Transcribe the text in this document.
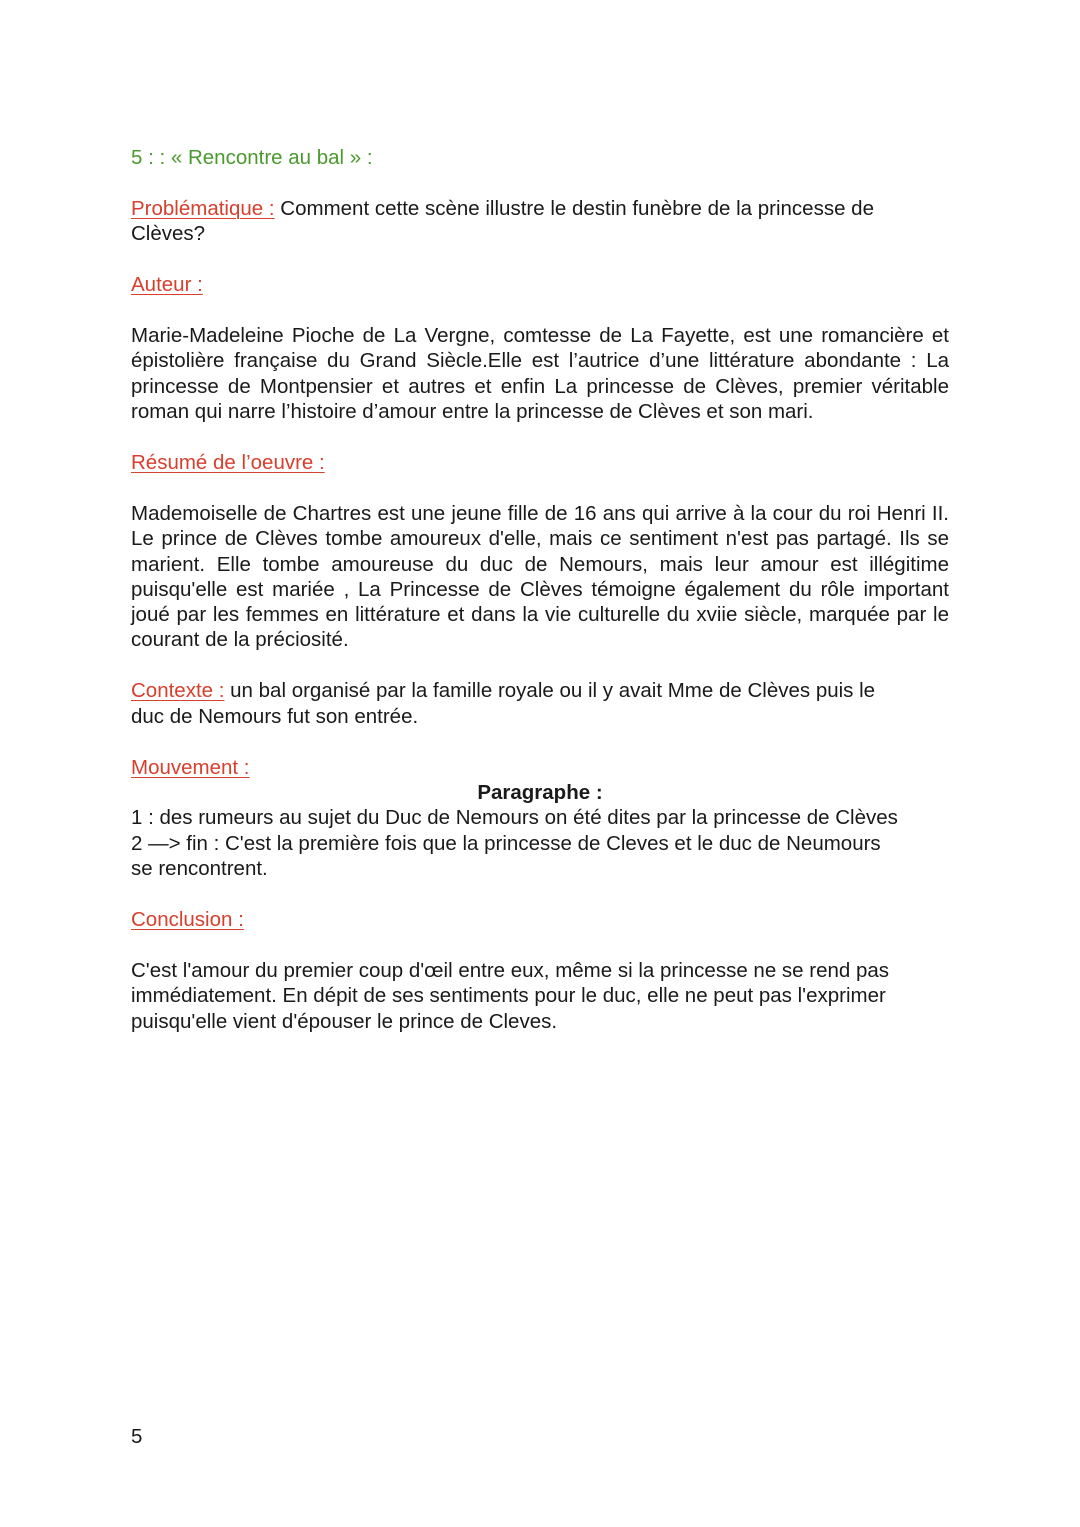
5 : : « Rencontre au bal » :
Problématique : Comment cette scène illustre le destin funèbre de la princesse de
Clèves?
Auteur :
Marie-Madeleine Pioche de La Vergne, comtesse de La Fayette, est une romancière et épistolière française du Grand Siècle.Elle est l’autrice d’une littérature abondante : La princesse de Montpensier et autres et enfin La princesse de Clèves, premier véritable roman qui narre l’histoire d’amour entre la princesse de Clèves et son mari.
Résumé de l’oeuvre :
Mademoiselle de Chartres est une jeune fille de 16 ans qui arrive à la cour du roi Henri II. Le prince de Clèves tombe amoureux d'elle, mais ce sentiment n'est pas partagé. Ils se marient. Elle tombe amoureuse du duc de Nemours, mais leur amour est illégitime puisqu'elle est mariée , La Princesse de Clèves témoigne également du rôle important joué par les femmes en littérature et dans la vie culturelle du xviie siècle, marquée par le courant de la préciosité.
Contexte : un bal organisé par la famille royale ou il y avait Mme de Clèves puis le
duc de Nemours fut son entrée.
Mouvement :
Paragraphe :
1 : des rumeurs au sujet du Duc de Nemours on été dites par la princesse de Clèves
2 —> fin : C'est la première fois que la princesse de Cleves et le duc de Neumours
se rencontrent.
Conclusion :
C'est l'amour du premier coup d'œil entre eux, même si la princesse ne se rend pas
immédiatement. En dépit de ses sentiments pour le duc, elle ne peut pas l'exprimer
puisqu'elle vient d'épouser le prince de Cleves.
5
